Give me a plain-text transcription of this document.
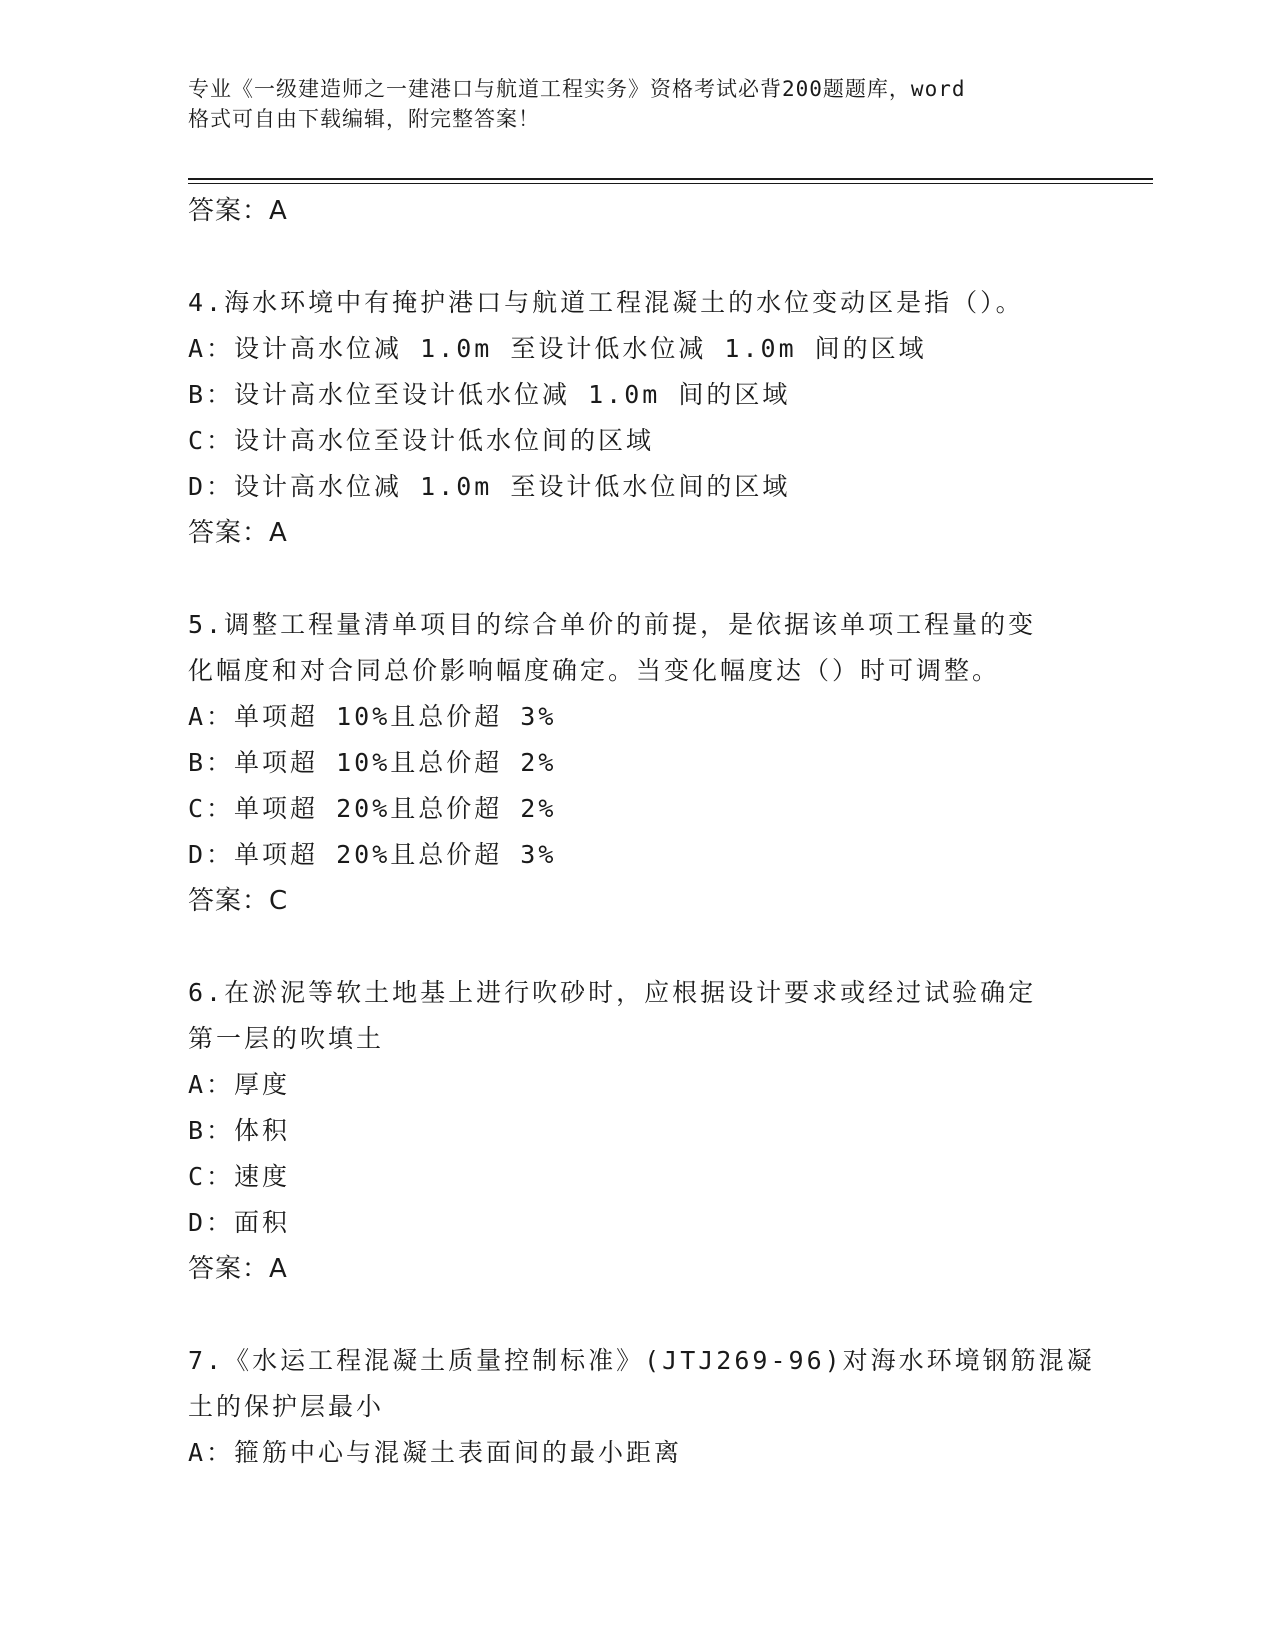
专业《一级建造师之一建港口与航道工程实务》资格考试必背200题题库，word
格式可自由下载编辑，附完整答案！
答案：A
4.海水环境中有掩护港口与航道工程混凝土的水位变动区是指（）。
A：设计高水位减 1.0m 至设计低水位减 1.0m 间的区域
B：设计高水位至设计低水位减 1.0m 间的区域
C：设计高水位至设计低水位间的区域
D：设计高水位减 1.0m 至设计低水位间的区域
答案：A
5.调整工程量清单项目的综合单价的前提，是依据该单项工程量的变
化幅度和对合同总价影响幅度确定。当变化幅度达（）时可调整。
A：单项超 10%且总价超 3%
B：单项超 10%且总价超 2%
C：单项超 20%且总价超 2%
D：单项超 20%且总价超 3%
答案：C
6.在淤泥等软土地基上进行吹砂时，应根据设计要求或经过试验确定
第一层的吹填土
A：厚度
B：体积
C：速度
D：面积
答案：A
7.《水运工程混凝土质量控制标准》(JTJ269-96)对海水环境钢筋混凝
土的保护层最小
A：箍筋中心与混凝土表面间的最小距离
